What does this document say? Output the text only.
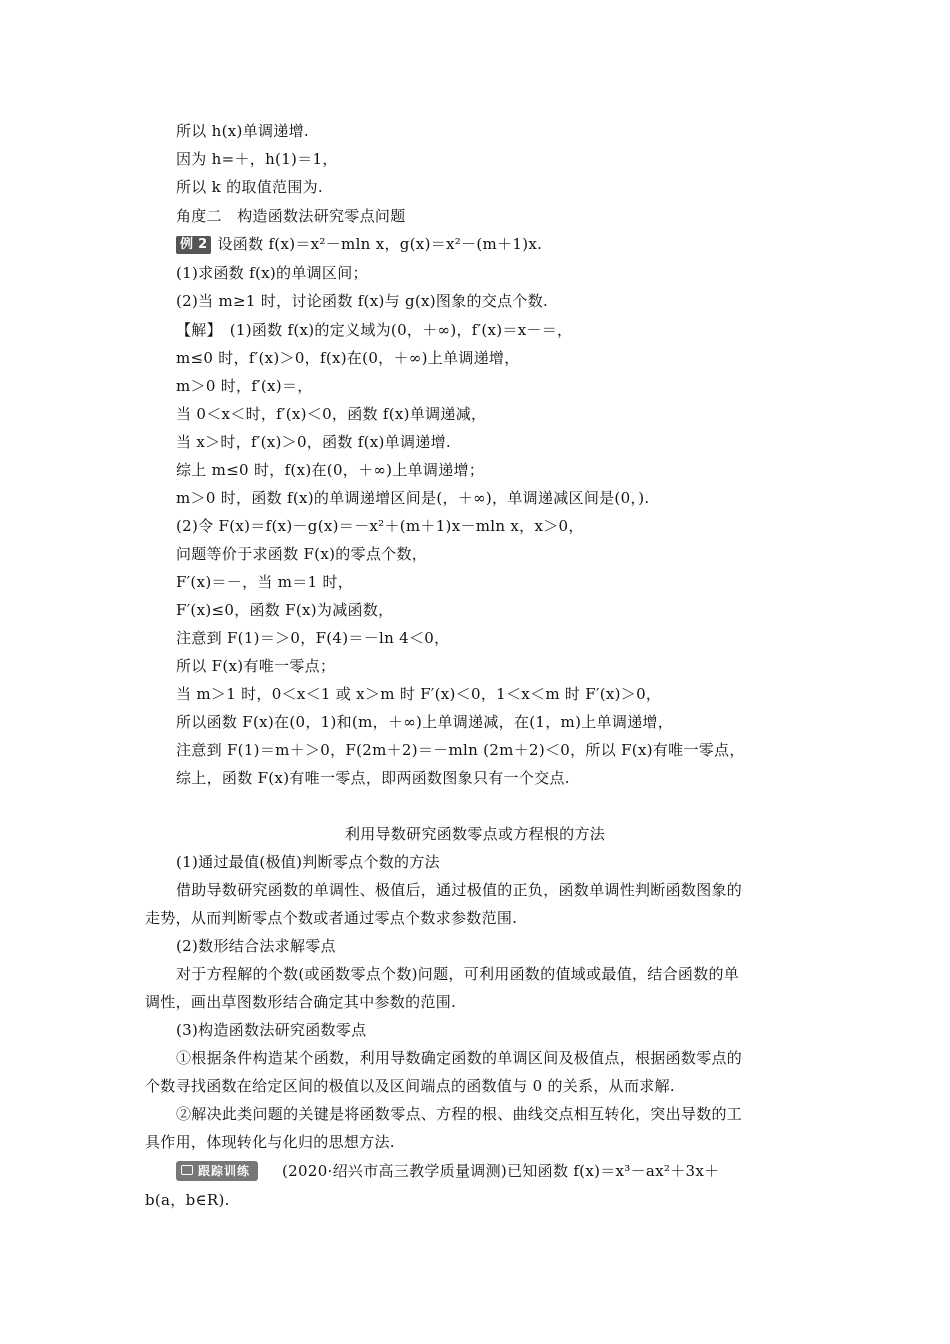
所以 h(x)单调递增.
因为 h=＋，h(1)＝1，
所以 k 的取值范围为.
角度二　构造函数法研究零点问题
例 2 设函数 f(x)＝x²－mln x，g(x)＝x²－(m＋1)x.
(1)求函数 f(x)的单调区间；
(2)当 m≥1 时，讨论函数 f(x)与 g(x)图象的交点个数.
【解】　(1)函数 f(x)的定义域为(0，＋∞)，f′(x)＝x－＝，
m≤0 时，f′(x)＞0，f(x)在(0，＋∞)上单调递增，
m＞0 时，f′(x)＝，
当 0＜x＜时，f′(x)＜0，函数 f(x)单调递减，
当 x＞时，f′(x)＞0，函数 f(x)单调递增.
综上 m≤0 时，f(x)在(0，＋∞)上单调递增；
m＞0 时，函数 f(x)的单调递增区间是(，＋∞)，单调递减区间是(0，).
(2)令 F(x)＝f(x)－g(x)＝－x²＋(m＋1)x－mln x，x＞0，
问题等价于求函数 F(x)的零点个数，
F′(x)＝－，当 m＝1 时，
F′(x)≤0，函数 F(x)为减函数，
注意到 F(1)＝＞0，F(4)＝－ln 4＜0，
所以 F(x)有唯一零点；
当 m＞1 时，0＜x＜1 或 x＞m 时 F′(x)＜0，1＜x＜m 时 F′(x)＞0，
所以函数 F(x)在(0，1)和(m，＋∞)上单调递减，在(1，m)上单调递增，
注意到 F(1)＝m＋＞0，F(2m＋2)＝－mln (2m＋2)＜0，所以 F(x)有唯一零点，
综上，函数 F(x)有唯一零点，即两函数图象只有一个交点.
利用导数研究函数零点或方程根的方法
(1)通过最值(极值)判断零点个数的方法
借助导数研究函数的单调性、极值后，通过极值的正负，函数单调性判断函数图象的
走势，从而判断零点个数或者通过零点个数求参数范围.
(2)数形结合法求解零点
对于方程解的个数(或函数零点个数)问题，可利用函数的值域或最值，结合函数的单
调性，画出草图数形结合确定其中参数的范围.
(3)构造函数法研究函数零点
①根据条件构造某个函数，利用导数确定函数的单调区间及极值点，根据函数零点的
个数寻找函数在给定区间的极值以及区间端点的函数值与 0 的关系，从而求解.
②解决此类问题的关键是将函数零点、方程的根、曲线交点相互转化，突出导数的工
具作用，体现转化与化归的思想方法.
跟踪训练 (2020·绍兴市高三教学质量调测)已知函数 f(x)＝x³－ax²＋3x＋
b(a，b∈R).
